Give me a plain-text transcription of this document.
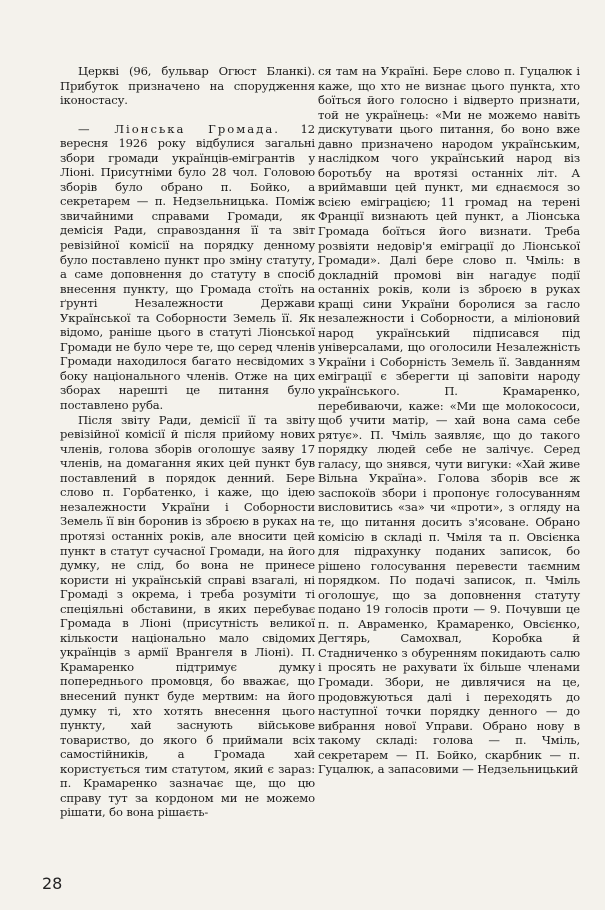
Церкві (96, бульвар Огюст Бланкі). Прибуток призначено на спорудження іконостасу.

— Ліонська Громада. 12 вересня 1926 року відбулися загальні збори громади українців-емігрантів у Ліоні. Присутніми було 28 чол. Головою зборів було обрано п. Бойко, а секретарем — п. Недзельницька. Поміж звичайними справами Громади, як демісія Ради, справоздання її та звіт ревізійної комісії на порядку денному було поставлено пункт про зміну статуту, а саме доповнення до статуту в спосіб внесення пункту, що Громада стоїть на ґрунті Незалежности Держави Української та Соборности Земель її. Як відомо, раніше цього в статуті Ліонської Громади не було чере те, що серед членів Громади находилося багато несвідомих з боку національного членів. Отже на цих зборах нарешті це питання було поставлено руба.

Після звіту Ради, демісії її та звіту ревізійної комісії й після прийому нових членів, голова зборів оголошує заяву 17 членів, на домагання яких цей пункт був поставлений в порядок денний. Бере слово п. Горбатенко, і каже, що ідею незалежности України і Соборности Земель її він боронив із зброєю в руках на протязі останніх років, але вносити цей пункт в статут сучасної Громади, на його думку, не слід, бо вона не принесе користи ні українській справі взагалі, ні Громаді з окрема, і треба розуміти ті спеціяльні обставини, в яких перебуває Громада в Ліоні (присутність великої кількости національно мало свідомих українців з армії Врангеля в Ліоні). П. Крамаренко підтримує думку попереднього промовця, бо вважає, що внесений пункт буде мертвим: на його думку ті, хто хотять внесення цього пункту, хай заснують військове товариство, до якого б приймали всіх самостійників, а Громада хай користується тим статутом, який є зараз: п. Крамаренко зазначає ще, що цю справу тут за кордоном ми не можемо рішати, бо вона рішаєть-

ся там на Україні. Бере слово п. Гуцалюк і каже, що хто не визнає цього пункта, хто боїться його голосно і відверто признати, той не українець: «Ми не можемо навіть дискутувати цього питання, бо воно вже давно призначено народом українським, наслідком чого український народ віз боротьбу на вротязі останніх літ. А вриймавши цей пункт, ми єднаємося зо всією еміграцією; 11 громад на терені Франції визнають цей пункт, а Ліонська Громада боїться його визнати. Треба розвіяти недовір'я еміграції до Ліонської Громади». Далі бере слово п. Чміль: в докладній промові він нагадує події останніх років, коли із зброєю в руках кращі сини України боролися за гасло незалежности і Соборности, а міліоновий народ український підписався під універсалами, що оголосили Незалежність України і Соборність Земель її. Завданням еміграції є зберегти ці заповіти народу українського. П. Крамаренко, перебиваючи, каже: «Ми ще молокососи, щоб учити матір, — хай вона сама себе рятує». П. Чміль заявляє, що до такого порядку людей себе не залічує. Серед галасу, що знявся, чути вигуки: «Хай живе Вільна Україна». Голова зборів все ж заспокоїв збори і пропонує голосуванням висловитись «за» чи «проти», з огляду на те, що питання досить з'ясоване. Обрано комісію в складі п. Чміля та п. Овсієнка для підрахунку поданих записок, бо рішено голосування перевести таємним порядком. По подачі записок, п. Чміль оголошує, що за доповнення статуту подано 19 голосів проти — 9. Почувши це п. п. Авраменко, Крамаренко, Овсієнко, Дегтярь, Самохвал, Коробка й Стадниченко з обуренням покидають салю і просять не рахувати їх більше членами Громади. Збори, не дивлячися на це, продовжуються далі і переходять до наступної точки порядку денного — до вибрання нової Управи. Обрано нову в такому складі: голова — п. Чміль, секретарем — П. Бойко, скарбник — п. Гуцалюк, а запасовими — Недзельницький

28
